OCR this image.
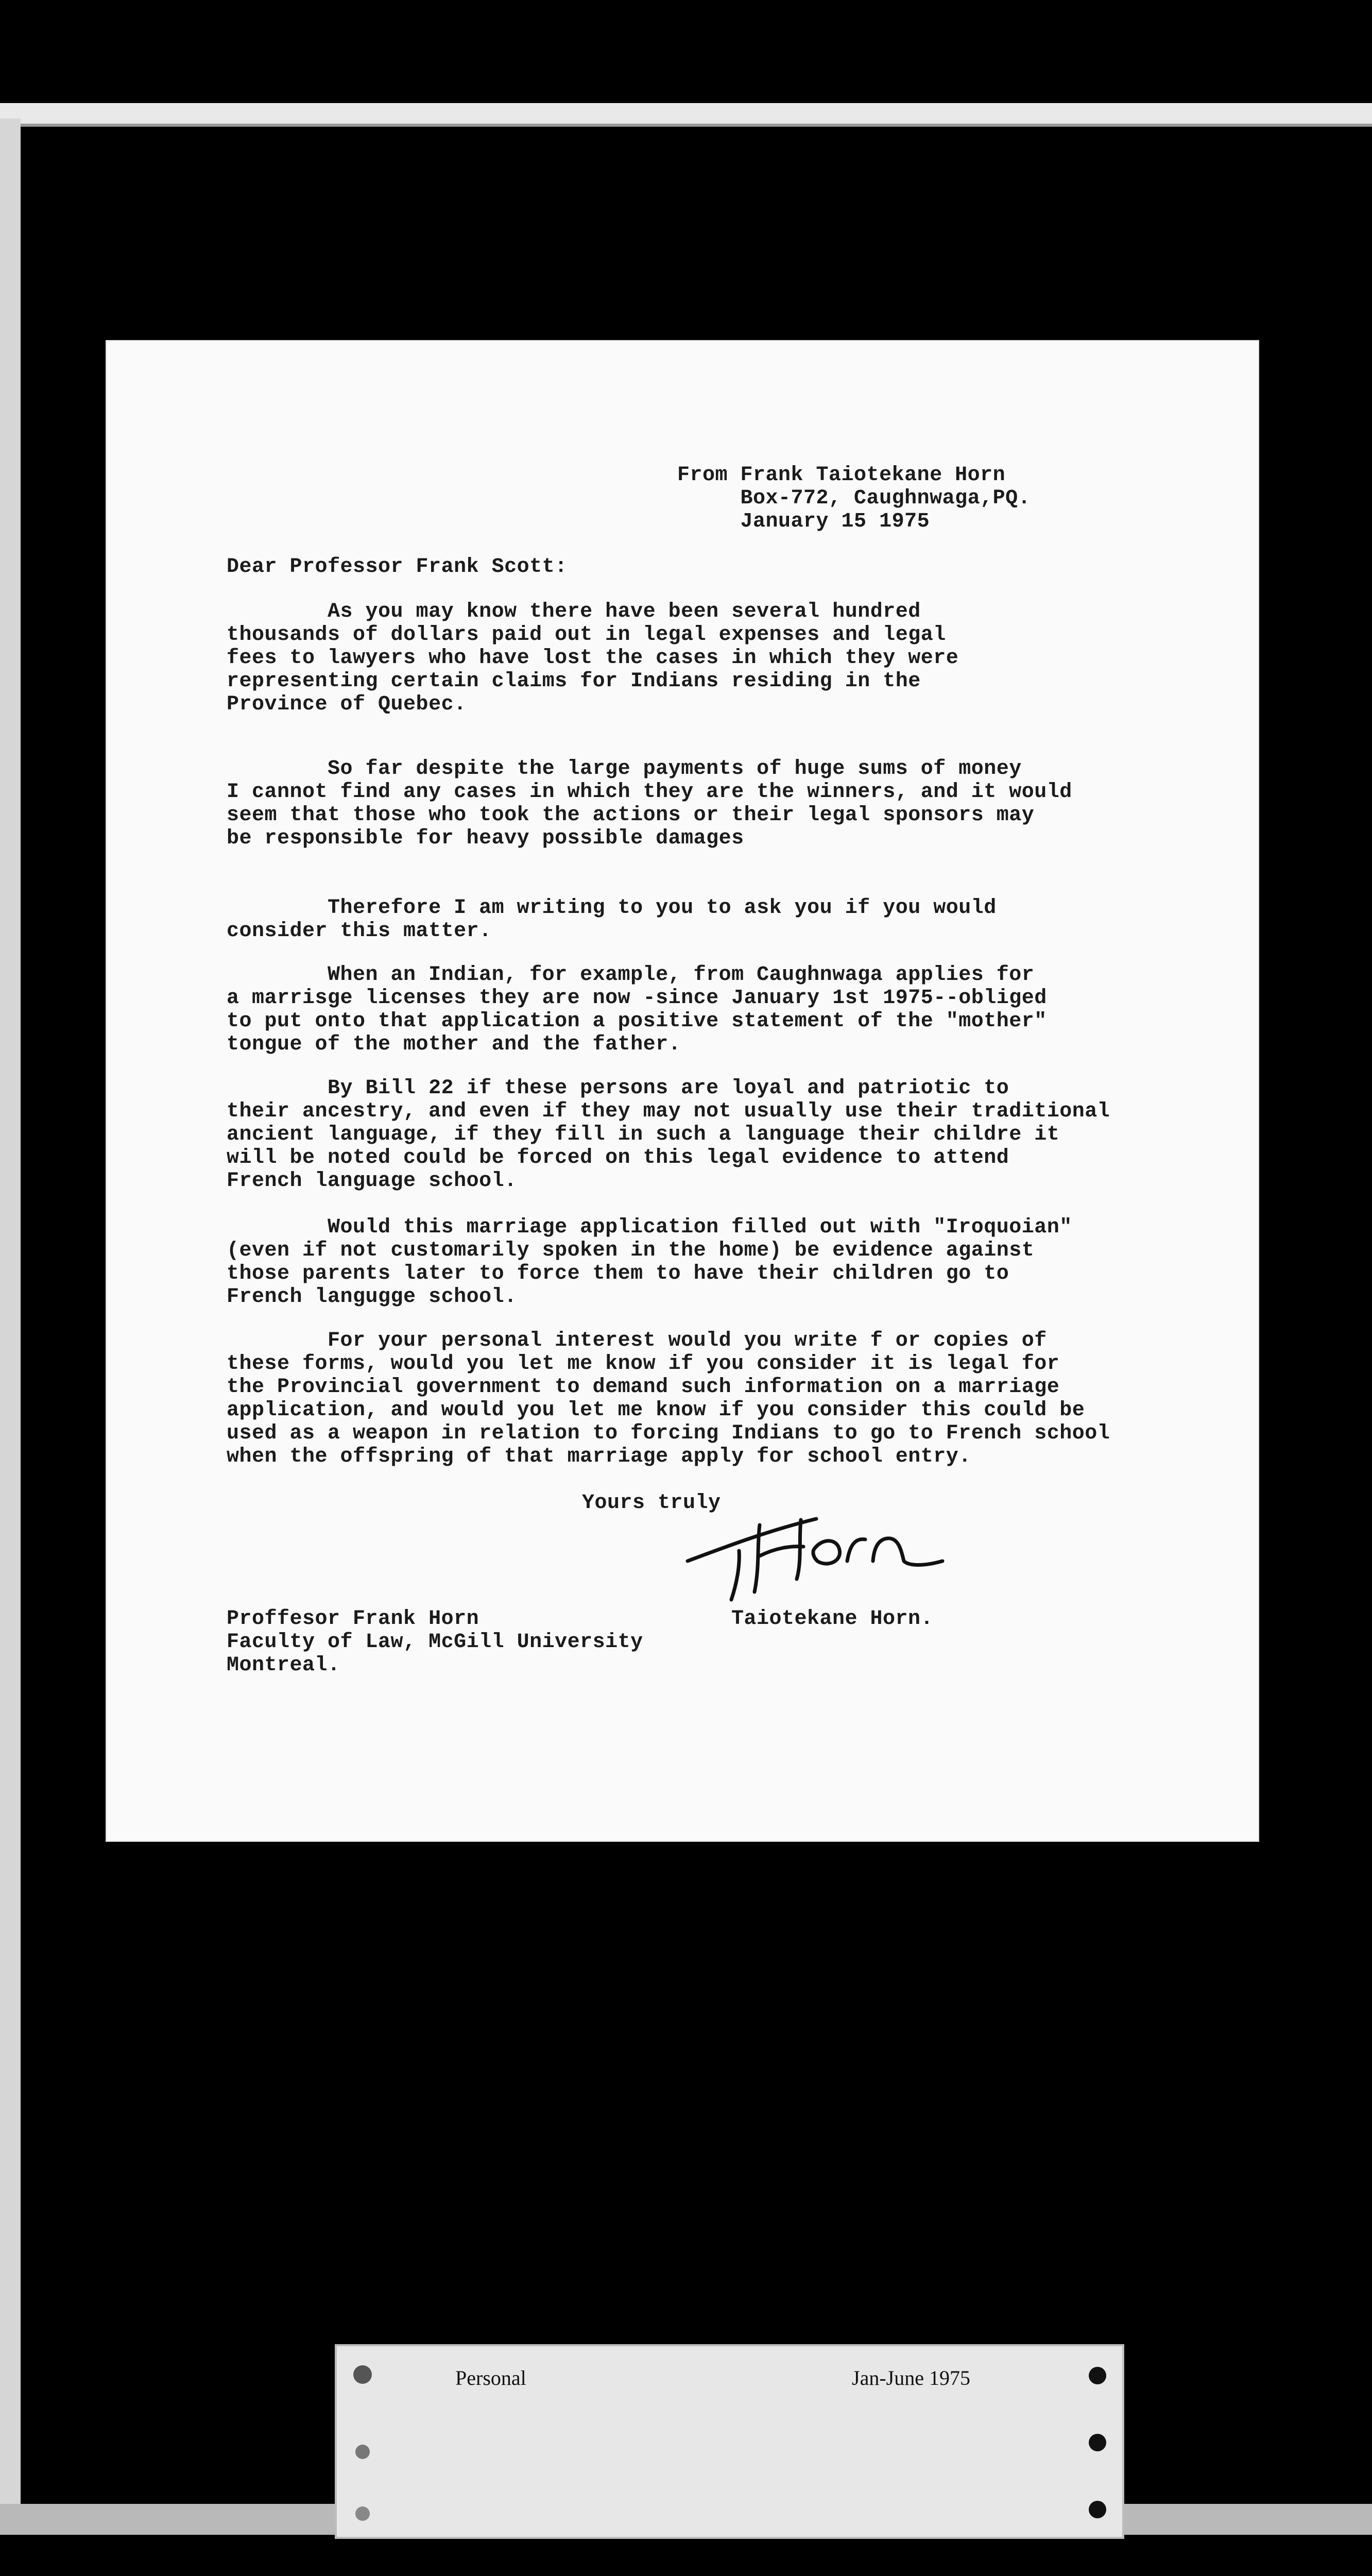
From Frank Taiotekane Horn
Box-772, Caughnwaga,PQ.
January 15 1975
Dear Professor Frank Scott:
As you may know there have been several hundred
thousands of dollars paid out in legal expenses and legal
fees to lawyers who have lost the cases in which they were
representing certain claims for Indians residing in the
Province of Quebec.
So far despite the large payments of huge sums of money
I cannot find any cases in which they are the winners, and it would
seem that those who took the actions or their legal sponsors may
be responsible for heavy possible damages
Therefore I am writing to you to ask you if you would
consider this matter.
When an Indian, for example, from Caughnwaga applies for
a marrisge licenses they are now -since January 1st 1975--obliged
to put onto that application a positive statement of the "mother"
tongue of the mother and the father.
By Bill 22 if these persons are loyal and patriotic to
their ancestry, and even if they may not usually use their traditional
ancient language, if they fill in such a language their childre it
will be noted could be forced on this legal evidence to attend
French language school.
Would this marriage application filled out with "Iroquoian"
(even if not customarily spoken in the home) be evidence against
those parents later to force them to have their children go to
French langugge school.
For your personal interest would you write f or copies of
these forms, would you let me know if you consider it is legal for
the Provincial government to demand such information on a marriage
application, and would you let me know if you consider this could be
used as a weapon in relation to forcing Indians to go to French school
when the offspring of that marriage apply for school entry.
Yours truly
Proffesor Frank Horn
Faculty of Law, McGill University
Montreal.
Taiotekane Horn.
Personal	Jan-June 1975
